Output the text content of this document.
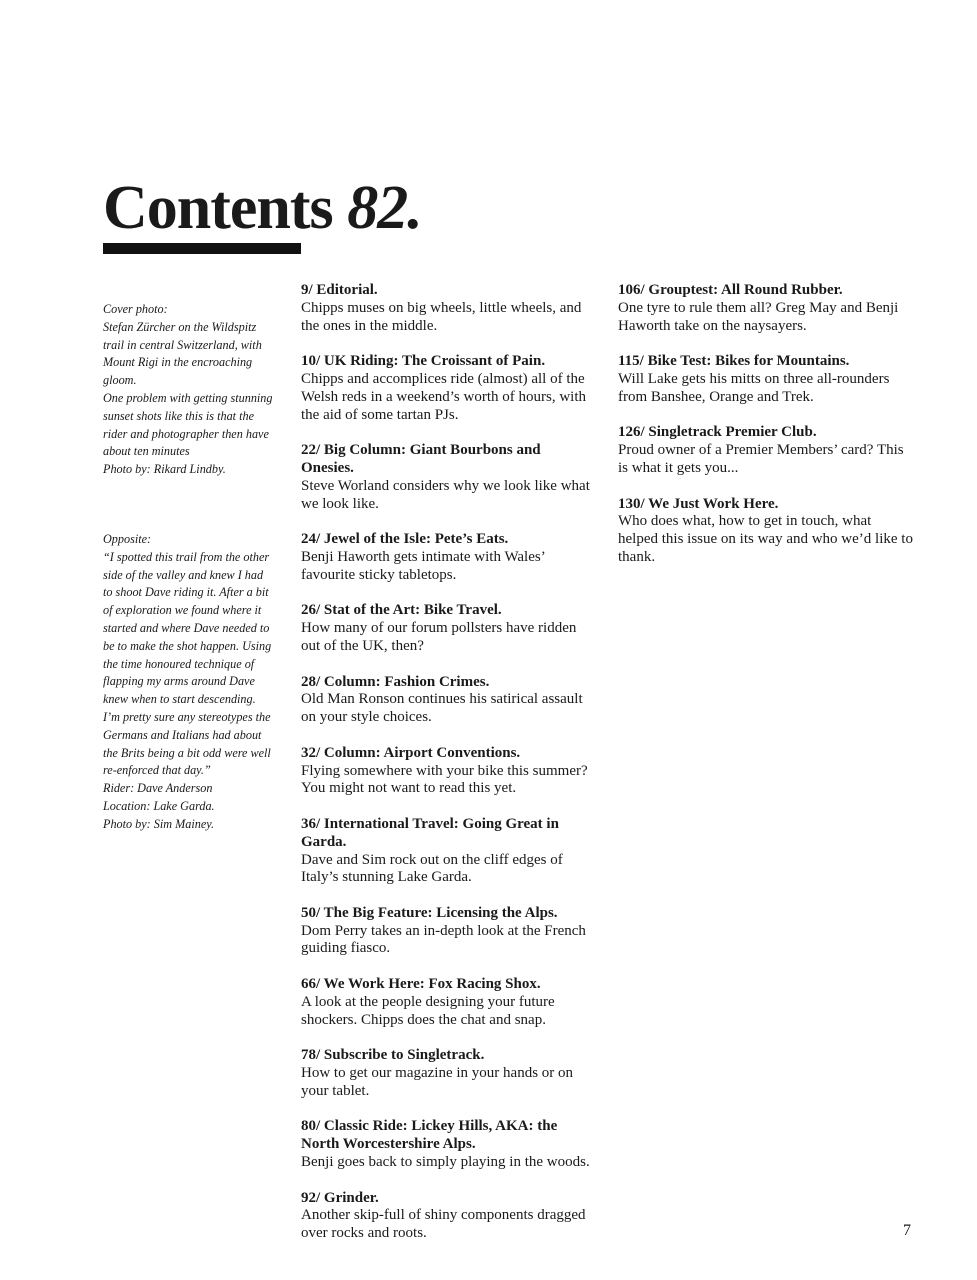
Contents 82.

Cover photo:

Stefan Zürcher on the Wildspitz trail in central Switzerland, with Mount Rigi in the encroaching gloom.

One problem with getting stunning sunset shots like this is that the rider and photographer then have about ten minutes

Photo by: Rikard Lindby.

Opposite:

“I spotted this trail from the other side of the valley and knew I had to shoot Dave riding it. After a bit of exploration we found where it started and where Dave needed to be to make the shot happen. Using the time honoured technique of flapping my arms around Dave knew when to start descending. I’m pretty sure any stereotypes the Germans and Italians had about the Brits being a bit odd were well re-enforced that day.”

Rider: Dave Anderson

Location: Lake Garda.

Photo by: Sim Mainey.

9/ Editorial.
Chipps muses on big wheels, little wheels, and the ones in the middle.
10/ UK Riding: The Croissant of Pain.
Chipps and accomplices ride (almost) all of the Welsh reds in a weekend’s worth of hours, with the aid of some tartan PJs.
22/ Big Column: Giant Bourbons and Onesies.
Steve Worland considers why we look like what we look like.
24/ Jewel of the Isle: Pete’s Eats.
Benji Haworth gets intimate with Wales’ favourite sticky tabletops.
26/ Stat of the Art: Bike Travel.
How many of our forum pollsters have ridden out of the UK, then?
28/ Column: Fashion Crimes.
Old Man Ronson continues his satirical assault on your style choices.
32/ Column: Airport Conventions.
Flying somewhere with your bike this summer? You might not want to read this yet.
36/ International Travel: Going Great in Garda.
Dave and Sim rock out on the cliff edges of Italy’s stunning Lake Garda.
50/ The Big Feature: Licensing the Alps.
Dom Perry takes an in-depth look at the French guiding fiasco.
66/ We Work Here: Fox Racing Shox.
A look at the people designing your future shockers. Chipps does the chat and snap.
78/ Subscribe to Singletrack.
How to get our magazine in your hands or on your tablet.
80/ Classic Ride: Lickey Hills, AKA: the North Worcestershire Alps.
Benji goes back to simply playing in the woods.
92/ Grinder.
Another skip-full of shiny components dragged over rocks and roots.
106/ Grouptest: All Round Rubber.
One tyre to rule them all? Greg May and Benji Haworth take on the naysayers.
115/ Bike Test: Bikes for Mountains.
Will Lake gets his mitts on three all-rounders from Banshee, Orange and Trek.
126/ Singletrack Premier Club.
Proud owner of a Premier Members’ card? This is what it gets you...
130/ We Just Work Here.
Who does what, how to get in touch, what helped this issue on its way and who we’d like to thank.
7
